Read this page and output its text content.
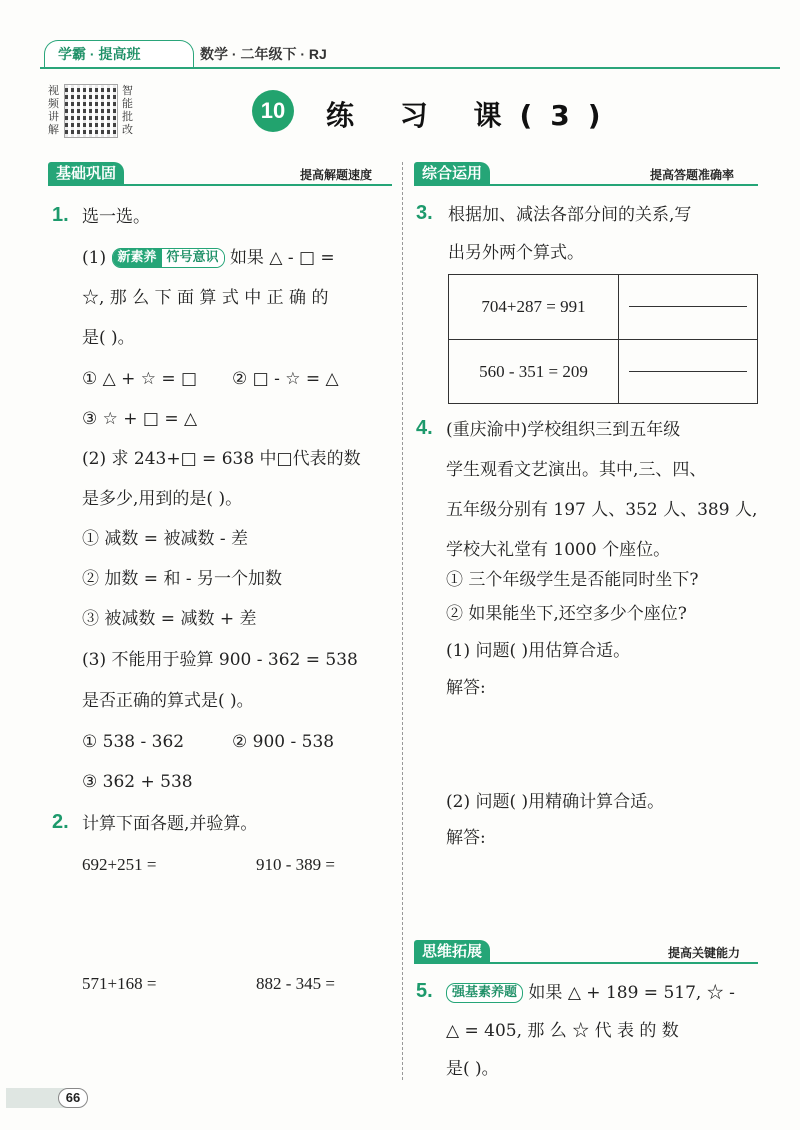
学霸 · 提高班	数学 · 二年级下 · RJ
视频讲解
智能批改
10	练 习 课(3)
基础巩固	提高解题速度	综合运用	提高答题准确率
1. 选一选。
(1) 新素养 符号意识 如果 △ - □ =
☆, 那 么 下 面 算 式 中 正 确 的
是( )。
① △ + ☆ = □ ② □ - ☆ = △
③ ☆ + □ = △
(2) 求 243+□ = 638 中□代表的数
是多少,用到的是( )。
① 减数 = 被减数 - 差
② 加数 = 和 - 另一个加数
③ 被减数 = 减数 + 差
(3) 不能用于验算 900 - 362 = 538
是否正确的算式是( )。
① 538 - 362	② 900 - 538
③ 362 + 538
2. 计算下面各题,并验算。
692+251 =	910 - 389 =
571+168 =	882 - 345 =
3. 根据加、减法各部分间的关系,写
出另外两个算式。
704+287 = 991
560 - 351 = 209
4. (重庆渝中)学校组织三到五年级
学生观看文艺演出。其中,三、四、
五年级分别有 197 人、352 人、389 人,
学校大礼堂有 1000 个座位。
① 三个年级学生是否能同时坐下?
② 如果能坐下,还空多少个座位?
(1) 问题( )用估算合适。
解答:
(2) 问题( )用精确计算合适。
解答:
思维拓展	提高关键能力
5.	强基素养题 如果 △ + 189 = 517, ☆ -
△ = 405, 那 么 ☆ 代 表 的 数
是( )。
66
